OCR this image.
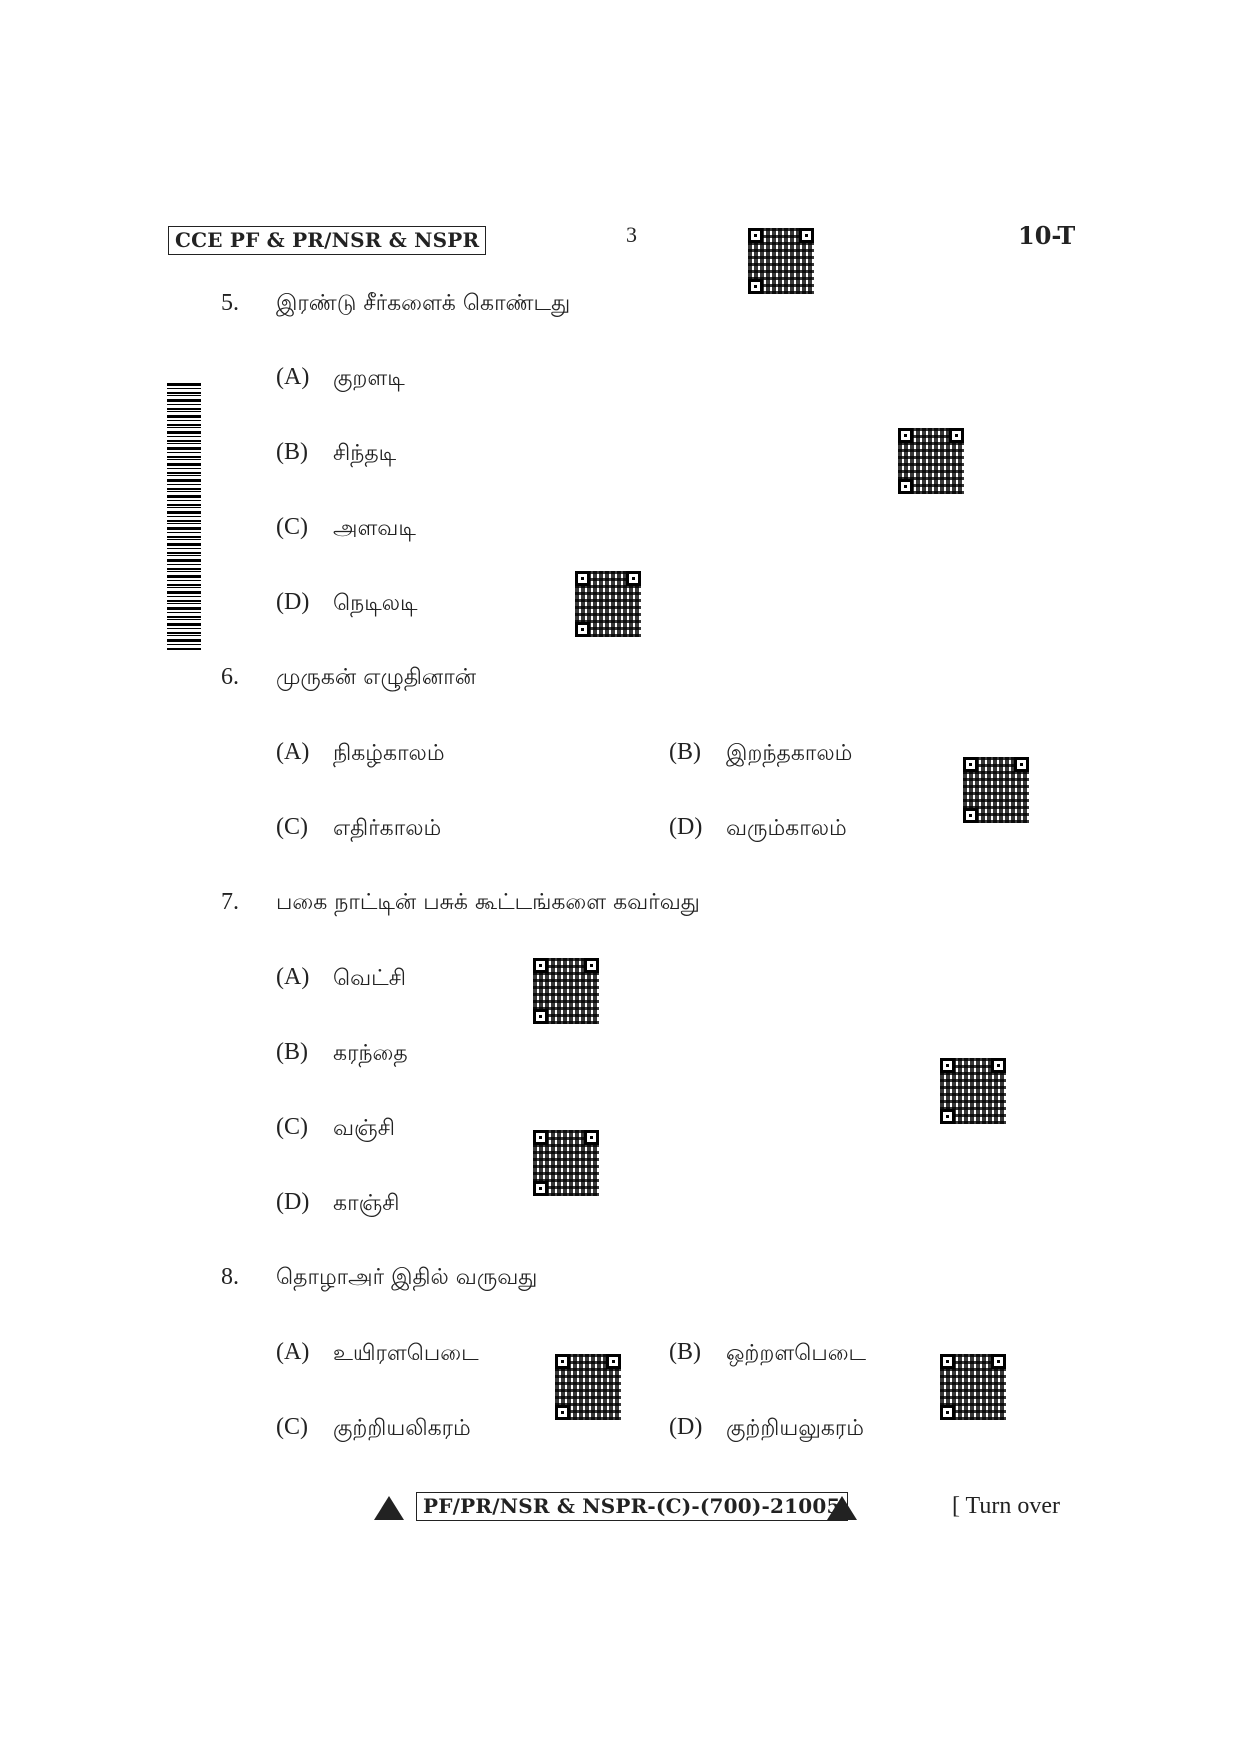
CCE PF & PR/NSR & NSPR	3	10-T
5. இரண்டு சீர்களைக் கொண்டது
(A) குறளடி
(B) சிந்தடி
(C) அளவடி
(D) நெடிலடி
6. முருகன் எழுதினான்
(A) நிகழ்காலம்	(B) இறந்தகாலம்
(C) எதிர்காலம்	(D) வரும்காலம்
7. பகை நாட்டின் பசுக் கூட்டங்களை கவர்வது
(A) வெட்சி
(B) கரந்தை
(C) வஞ்சி
(D) காஞ்சி
8. தொழாஅர் இதில் வருவது
(A) உயிரளபெடை	(B) ஒற்றளபெடை
(C) குற்றியலிகரம்	(D) குற்றியலுகரம்
PF/PR/NSR & NSPR-(C)-(700)-21005	[ Turn over
